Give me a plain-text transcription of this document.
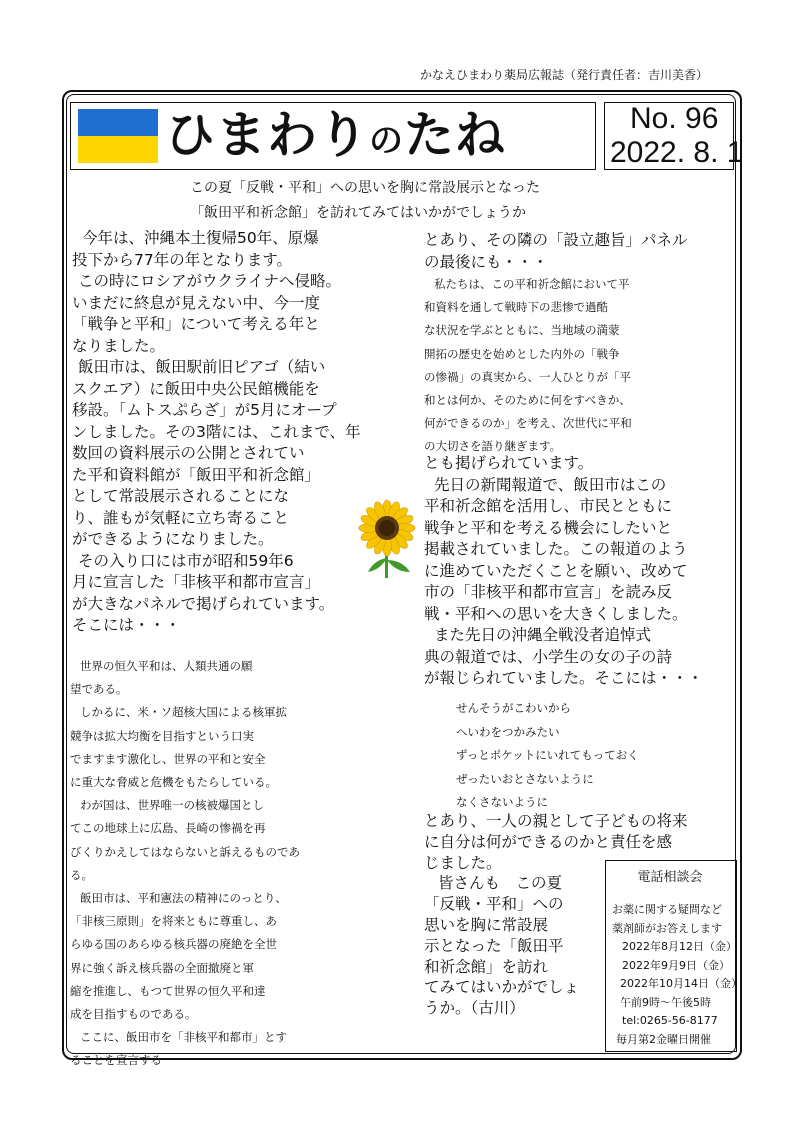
かなえひまわり薬局広報誌（発行責任者：吉川美香）
ひまわりのたね	No. 96
2022. 8. 1
この夏「反戦・平和」への思いを胸に常設展示となった
「飯田平和祈念館」を訪れてみてはいかがでしょうか
今年は、沖縄本土復帰50年、原爆
投下から77年の年となります。
この時にロシアがウクライナへ侵略。
いまだに終息が見えない中、今一度
「戦争と平和」について考える年と
なりました。
飯田市は、飯田駅前旧ピアゴ（結い
スクエア）に飯田中央公民館機能を
移設。「ムトスぷらざ」が5月にオープ
ンしました。その3階には、これまで、年
数回の資料展示の公開とされてい
た平和資料館が「飯田平和祈念館」
として常設展示されることにな
り、誰もが気軽に立ち寄ること
ができるようになりました。
その入り口には市が昭和59年6
月に宣言した「非核平和都市宣言」
が大きなパネルで掲げられています。
そこには・・・
世界の恒久平和は、人類共通の願
望である。
しかるに、米・ソ超核大国による核軍拡
競争は拡大均衡を目指すという口実
でますます激化し、世界の平和と安全
に重大な脅威と危機をもたらしている。
わが国は、世界唯一の核被爆国とし
てこの地球上に広島、長崎の惨禍を再
びくりかえしてはならないと訴えるものであ
る。
飯田市は、平和憲法の精神にのっとり、
「非核三原則」を将来ともに尊重し、あ
らゆる国のあらゆる核兵器の廃絶を全世
界に強く訴え核兵器の全面撤廃と軍
縮を推進し、もつて世界の恒久平和達
成を目指すものである。
ここに、飯田市を「非核平和都市」とす
ることを宣言する
とあり、その隣の「設立趣旨」パネル
の最後にも・・・
私たちは、この平和祈念館において平
和資料を通して戦時下の悲惨で過酷
な状況を学ぶとともに、当地域の満蒙
開拓の歴史を始めとした内外の「戦争
の惨禍」の真実から、一人ひとりが「平
和とは何か、そのために何をすべきか、
何ができるのか」を考え、次世代に平和
の大切さを語り継ぎます。
とも掲げられています。
先日の新聞報道で、飯田市はこの
平和祈念館を活用し、市民とともに
戦争と平和を考える機会にしたいと
掲載されていました。この報道のよう
に進めていただくことを願い、改めて
市の「非核平和都市宣言」を読み反
戦・平和への思いを大きくしました。
また先日の沖縄全戦没者追悼式
典の報道では、小学生の女の子の詩
が報じられていました。そこには・・・
せんそうがこわいから
へいわをつかみたい
ずっとポケットにいれてもっておく
ぜったいおとさないように
なくさないように
とあり、一人の親として子どもの将来
に自分は何ができるのかと責任を感
じました。
皆さんも　この夏
「反戦・平和」への
思いを胸に常設展
示となった「飯田平
和祈念館」を訪れ
てみてはいかがでしょ
うか。（古川）
電話相談会
お薬に関する疑問など
薬剤師がお答えします
2022年8月12日（金）
2022年9月9日（金）
2022年10月14日（金）
午前9時〜午後5時
tel:0265-56-8177
毎月第2金曜日開催
